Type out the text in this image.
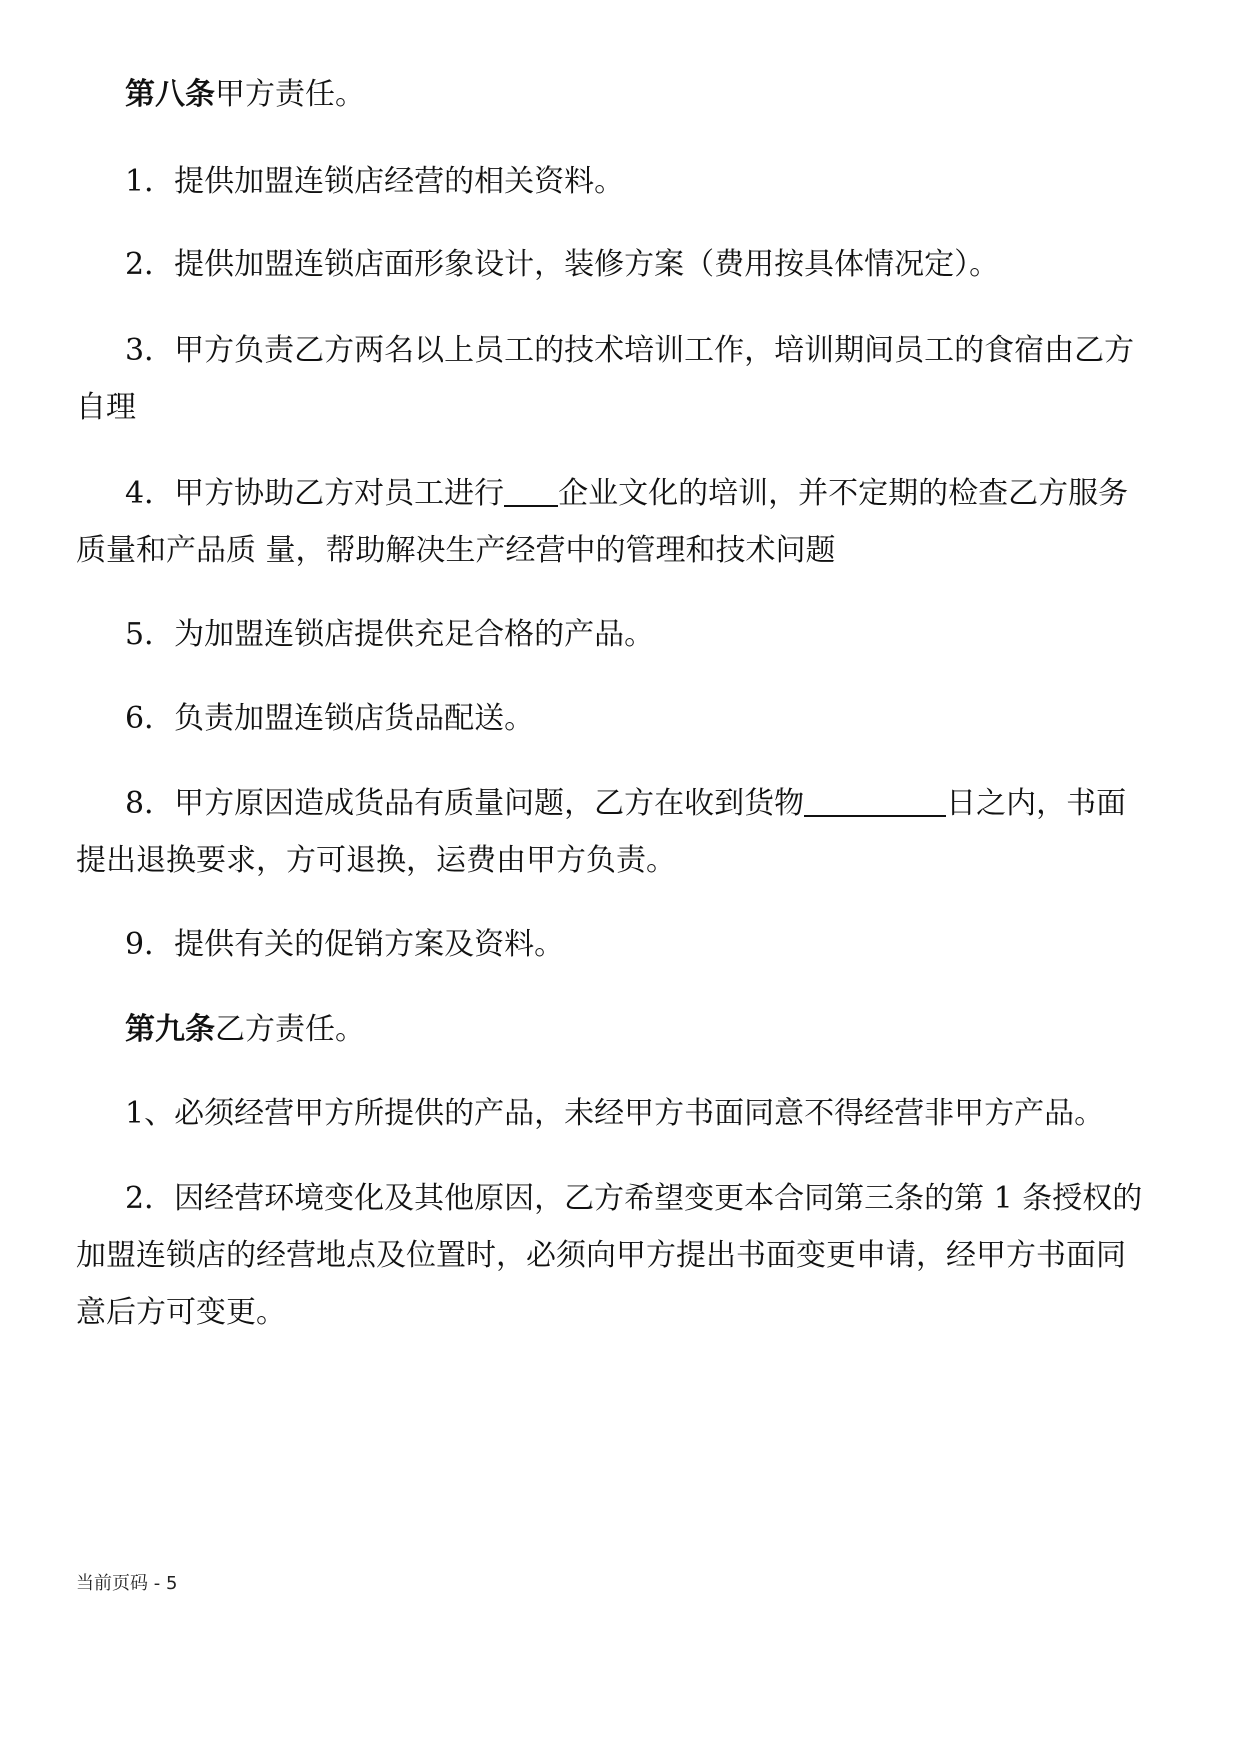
第八条甲方责任。

1．提供加盟连锁店经营的相关资料。

2．提供加盟连锁店面形象设计，装修方案（费用按具体情况定）。

3．甲方负责乙方两名以上员工的技术培训工作，培训期间员工的食宿由乙方

自理

4．甲方协助乙方对员工进行 企业文化的培训，并不定期的检查乙方服务

质量和产品质 量，帮助解决生产经营中的管理和技术问题

5．为加盟连锁店提供充足合格的产品。

6．负责加盟连锁店货品配送。

8．甲方原因造成货品有质量问题，乙方在收到货物	日之内，书面

提出退换要求，方可退换，运费由甲方负责。

9．提供有关的促销方案及资料。

第九条乙方责任。

1、必须经营甲方所提供的产品，未经甲方书面同意不得经营非甲方产品。

2．因经营环境变化及其他原因，乙方希望变更本合同第三条的第 1 条授权的

加盟连锁店的经营地点及位置时，必须向甲方提出书面变更申请，经甲方书面同

意后方可变更。

当前页码 - 5
